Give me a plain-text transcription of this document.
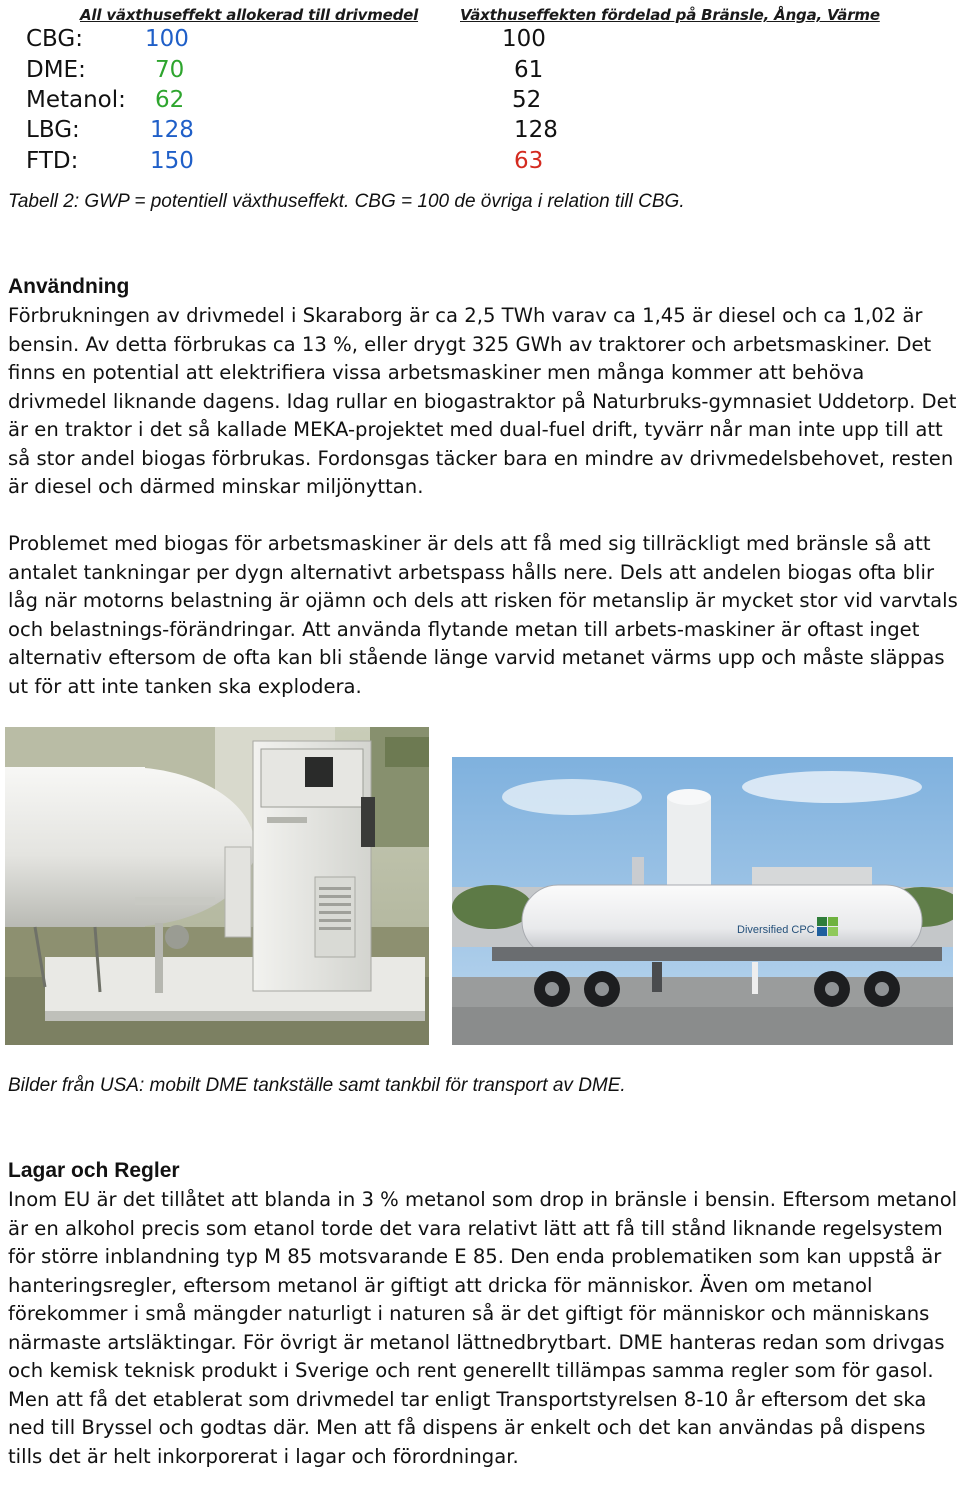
All växthuseffekt allokerad till drivmedel	Växthuseffekten fördelad på Bränsle, Ånga, Värme
CBG:
DME:
Metanol:
LBG:
FTD:
100
70
62
128
150
100
61
52
128
63
Tabell 2: GWP = potentiell växthuseffekt. CBG = 100 de övriga i relation till CBG.
Användning

Förbrukningen av drivmedel i Skaraborg är ca 2,5 TWh varav ca 1,45 är diesel och ca 1,02 är bensin. Av detta förbrukas ca 13 %, eller drygt 325 GWh av traktorer och arbetsmaskiner. Det finns en potential att elektrifiera vissa arbetsmaskiner men många kommer att behöva drivmedel liknande dagens. Idag rullar en biogastraktor på Naturbruks-gymnasiet Uddetorp. Det är en traktor i det så kallade MEKA-projektet med dual-fuel drift, tyvärr når man inte upp till att så stor andel biogas förbrukas. Fordonsgas täcker bara en mindre av drivmedelsbehovet, resten är diesel och därmed minskar miljönyttan.

Problemet med biogas för arbetsmaskiner är dels att få med sig tillräckligt med bränsle så att antalet tankningar per dygn alternativt arbetspass hålls nere. Dels att andelen biogas ofta blir låg när motorns belastning är ojämn och dels att risken för metanslip är mycket stor vid varvtals och belastnings-förändringar. Att använda flytande metan till arbets-maskiner är oftast inget alternativ eftersom de ofta kan bli stående länge varvid metanet värms upp och måste släppas ut för att inte tanken ska explodera.

Diversified CPC
Bilder från USA: mobilt DME tankställe samt tankbil för transport av DME.
Lagar och Regler

Inom EU är det tillåtet att blanda in 3 % metanol som drop in bränsle i bensin. Eftersom metanol är en alkohol precis som etanol torde det vara relativt lätt att få till stånd liknande regelsystem för större inblandning typ M 85 motsvarande E 85. Den enda problematiken som kan uppstå är hanteringsregler, eftersom metanol är giftigt att dricka för människor. Även om metanol förekommer i små mängder naturligt i naturen så är det giftigt för människor och människans närmaste artsläktingar. För övrigt är metanol lättnedbrytbart. DME hanteras redan som drivgas och kemisk teknisk produkt i Sverige och rent generellt tillämpas samma regler som för gasol. Men att få det etablerat som drivmedel tar enligt Transportstyrelsen 8-10 år eftersom det ska ned till Bryssel och godtas där. Men att få dispens är enkelt och det kan användas på dispens tills det är helt inkorporerat i lagar och förordningar.
